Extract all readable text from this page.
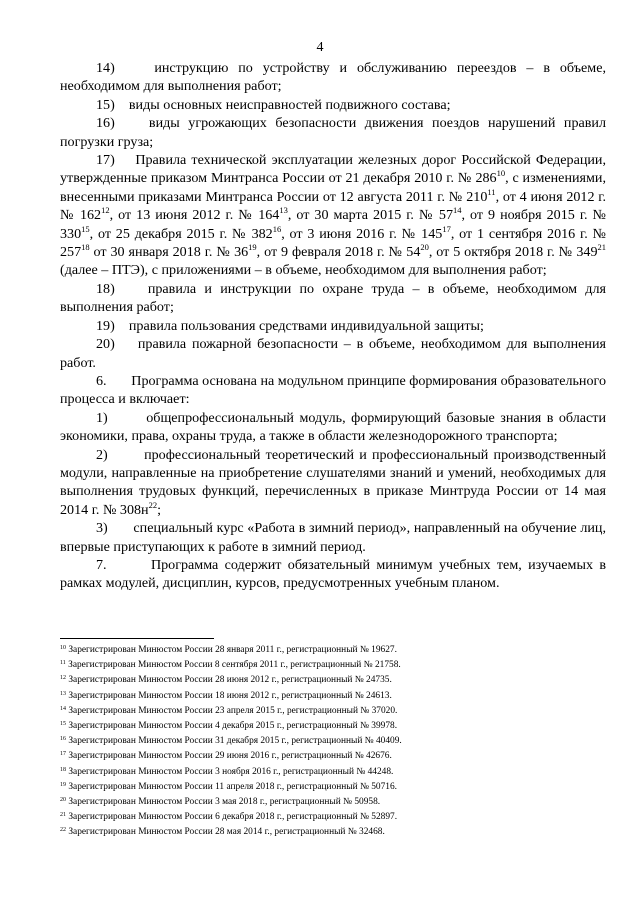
4

14)    инструкцию по устройству и обслуживанию переездов – в объеме, необходимом для выполнения работ;

15)    виды основных неисправностей подвижного состава;

16)    виды угрожающих безопасности движения поездов нарушений правил погрузки груза;

17)    Правила технической эксплуатации железных дорог Российской Федерации, утвержденные приказом Минтранса России от 21 декабря 2010 г. № $286^{10}$, с изменениями, внесенными приказами Минтранса России от 12 августа 2011 г. № $210^{11}$, от 4 июня 2012 г. № $162^{12}$, от 13 июня 2012 г. № $164^{13}$, от 30 марта 2015 г. № $57^{14}$, от 9 ноября 2015 г. № $330^{15}$, от 25 декабря 2015 г. № $382^{16}$, от 3 июня 2016 г. № $145^{17}$, от 1 сентября 2016 г. № $257^{18}$ от 30 января 2018 г. № $36^{19}$, от 9 февраля 2018 г. № $54^{20}$, от 5 октября 2018 г. № $349^{21}$ (далее – ПТЭ), с приложениями – в объеме, необходимом для выполнения работ;

18)    правила и инструкции по охране труда – в объеме, необходимом для выполнения работ;

19)    правила пользования средствами индивидуальной защиты;

20)    правила пожарной безопасности – в объеме, необходимом для выполнения работ.

6.       Программа основана на модульном принципе формирования образовательного процесса и включает:

1)       общепрофессиональный модуль, формирующий базовые знания в области экономики, права, охраны труда, а также в области железнодорожного транспорта;

2)       профессиональный теоретический и профессиональный производственный модули, направленные на приобретение слушателями знаний и умений, необходимых для выполнения трудовых функций, перечисленных в приказе Минтруда России от 14 мая 2014 г. № $308н^{22}$;

3)       специальный курс «Работа в зимний период», направленный на обучение лиц, впервые приступающих к работе в зимний период.

7.       Программа содержит обязательный минимум учебных тем, изучаемых в рамках модулей, дисциплин, курсов, предусмотренных учебным планом.

$^{10}$ Зарегистрирован Минюстом России 28 января 2011 г., регистрационный № 19627.
$^{11}$ Зарегистрирован Минюстом России 8 сентября 2011 г., регистрационный № 21758.
$^{12}$ Зарегистрирован Минюстом России 28 июня 2012 г., регистрационный № 24735.
$^{13}$ Зарегистрирован Минюстом России 18 июня 2012 г., регистрационный № 24613.
$^{14}$ Зарегистрирован Минюстом России 23 апреля 2015 г., регистрационный № 37020.
$^{15}$ Зарегистрирован Минюстом России 4 декабря 2015 г., регистрационный № 39978.
$^{16}$ Зарегистрирован Минюстом России 31 декабря 2015 г., регистрационный № 40409.
$^{17}$ Зарегистрирован Минюстом России 29 июня 2016 г., регистрационный № 42676.
$^{18}$ Зарегистрирован Минюстом России 3 ноября 2016 г., регистрационный № 44248.
$^{19}$ Зарегистрирован Минюстом России 11 апреля 2018 г., регистрационный № 50716.
$^{20}$ Зарегистрирован Минюстом России 3 мая 2018 г., регистрационный № 50958.
$^{21}$ Зарегистрирован Минюстом России 6 декабря 2018 г., регистрационный № 52897.
$^{22}$ Зарегистрирован Минюстом России 28 мая 2014 г., регистрационный № 32468.
